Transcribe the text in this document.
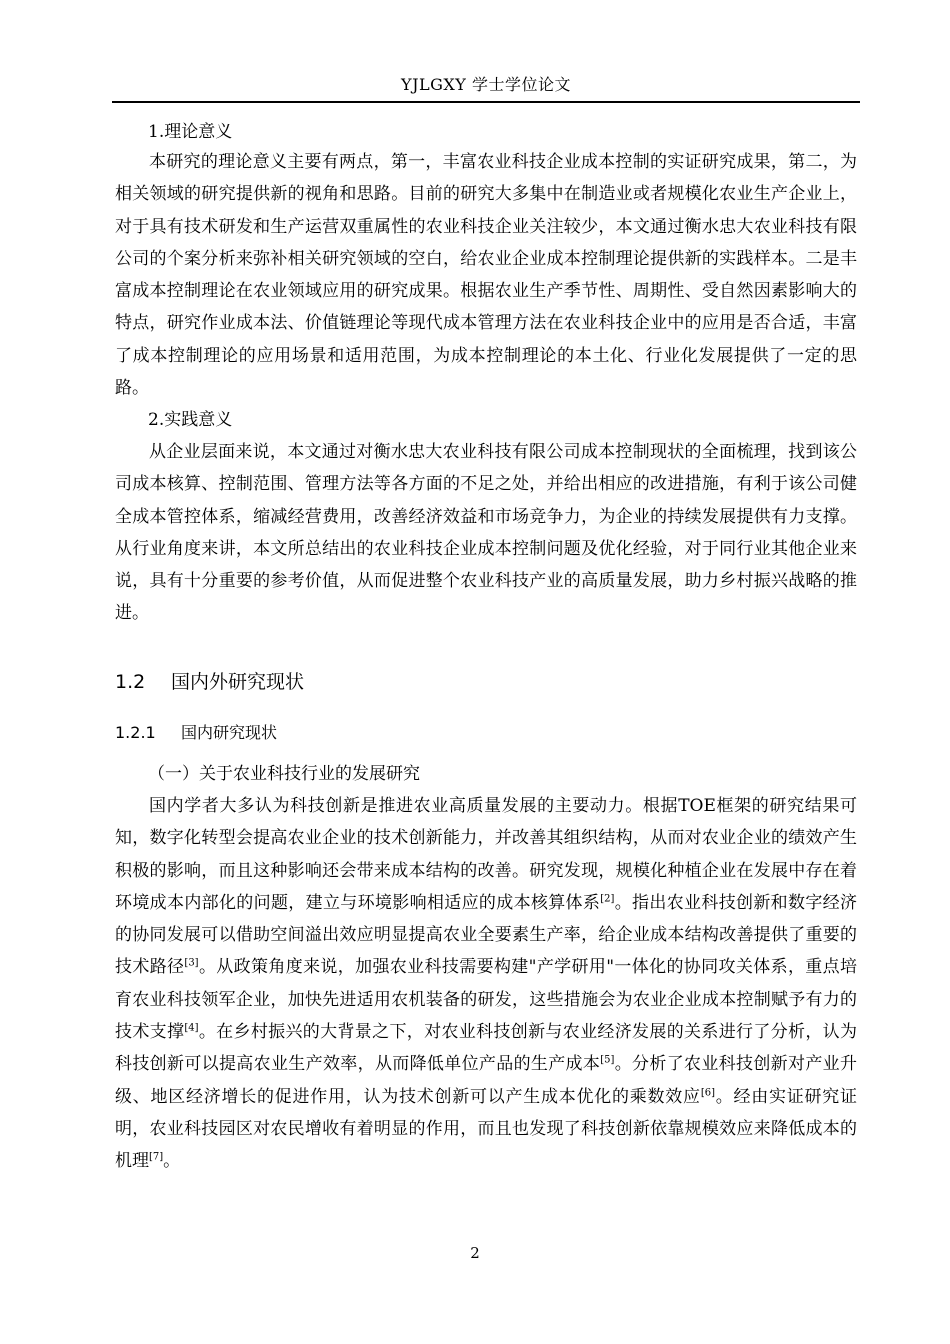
YJLGXY 学士学位论文

1.理论意义

本研究的理论意义主要有两点，第一，丰富农业科技企业成本控制的实证研究成果，第二，为相关领域的研究提供新的视角和思路。目前的研究大多集中在制造业或者规模化农业生产企业上，对于具有技术研发和生产运营双重属性的农业科技企业关注较少，本文通过衡水忠大农业科技有限公司的个案分析来弥补相关研究领域的空白，给农业企业成本控制理论提供新的实践样本。二是丰富成本控制理论在农业领域应用的研究成果。根据农业生产季节性、周期性、受自然因素影响大的特点，研究作业成本法、价值链理论等现代成本管理方法在农业科技企业中的应用是否合适，丰富了成本控制理论的应用场景和适用范围，为成本控制理论的本土化、行业化发展提供了一定的思路。

2.实践意义

从企业层面来说，本文通过对衡水忠大农业科技有限公司成本控制现状的全面梳理，找到该公司成本核算、控制范围、管理方法等各方面的不足之处，并给出相应的改进措施，有利于该公司健全成本管控体系，缩减经营费用，改善经济效益和市场竞争力，为企业的持续发展提供有力支撑。从行业角度来讲，本文所总结出的农业科技企业成本控制问题及优化经验，对于同行业其他企业来说，具有十分重要的参考价值，从而促进整个农业科技产业的高质量发展，助力乡村振兴战略的推进。

1.2 国内外研究现状
1.2.1 国内研究现状

（一）关于农业科技行业的发展研究

国内学者大多认为科技创新是推进农业高质量发展的主要动力。根据TOE框架的研究结果可知，数字化转型会提高农业企业的技术创新能力，并改善其组织结构，从而对农业企业的绩效产生积极的影响，而且这种影响还会带来成本结构的改善。研究发现，规模化种植企业在发展中存在着环境成本内部化的问题，建立与环境影响相适应的成本核算体系[2]。指出农业科技创新和数字经济的协同发展可以借助空间溢出效应明显提高农业全要素生产率，给企业成本结构改善提供了重要的技术路径[3]。从政策角度来说，加强农业科技需要构建"产学研用"一体化的协同攻关体系，重点培育农业科技领军企业，加快先进适用农机装备的研发，这些措施会为农业企业成本控制赋予有力的技术支撑[4]。在乡村振兴的大背景之下，对农业科技创新与农业经济发展的关系进行了分析，认为科技创新可以提高农业生产效率，从而降低单位产品的生产成本[5]。分析了农业科技创新对产业升级、地区经济增长的促进作用，认为技术创新可以产生成本优化的乘数效应[6]。经由实证研究证明，农业科技园区对农民增收有着明显的作用，而且也发现了科技创新依靠规模效应来降低成本的机理[7]。

2
